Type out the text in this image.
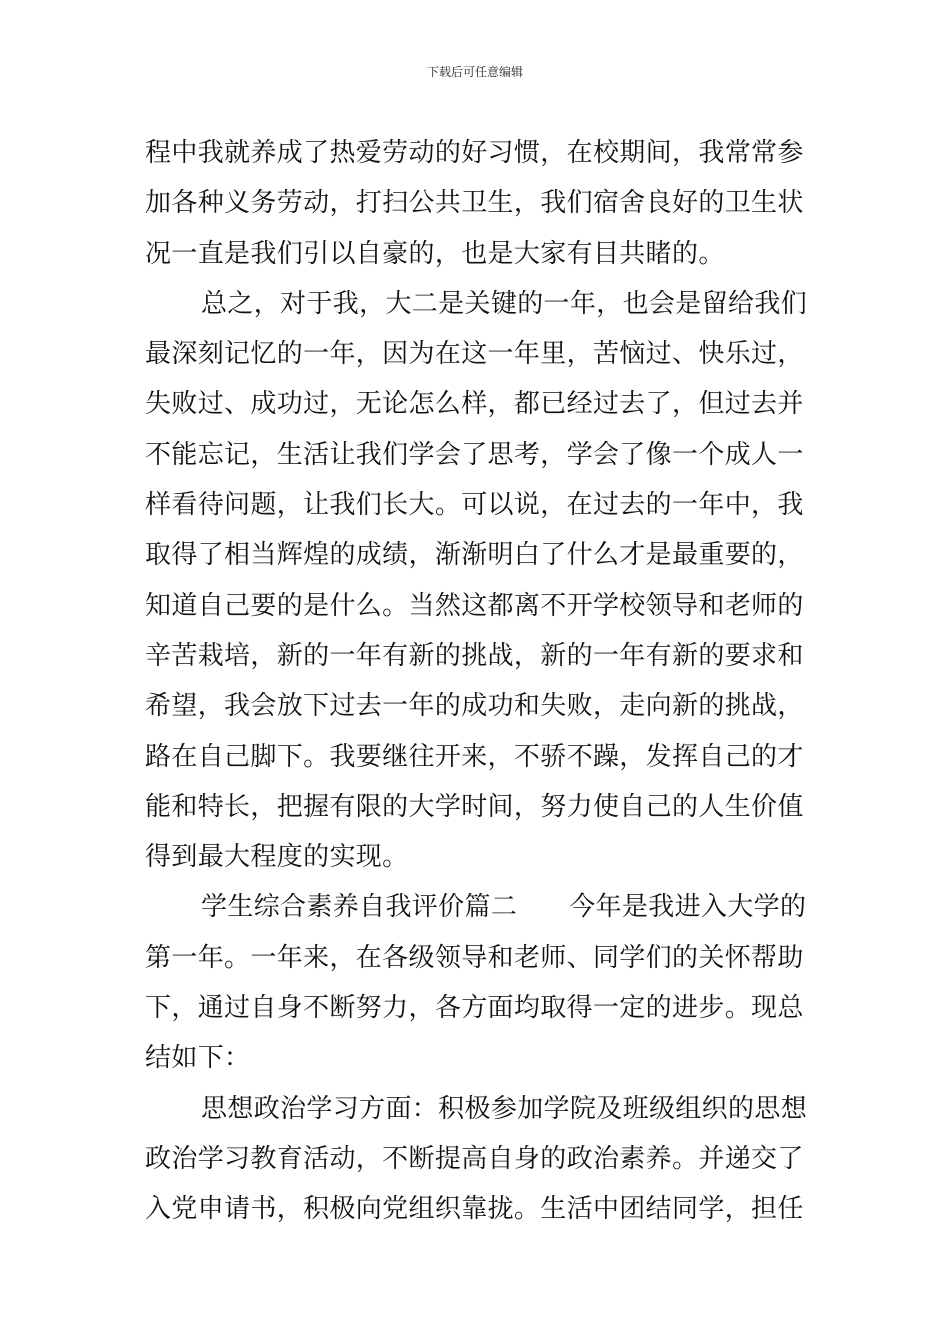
下载后可任意编辑
程中我就养成了热爱劳动的好习惯，在校期间，我常常参
加各种义务劳动，打扫公共卫生，我们宿舍良好的卫生状
况一直是我们引以自豪的，也是大家有目共睹的。
总之，对于我，大二是关键的一年，也会是留给我们
最深刻记忆的一年，因为在这一年里，苦恼过、快乐过，
失败过、成功过，无论怎么样，都已经过去了，但过去并
不能忘记，生活让我们学会了思考，学会了像一个成人一
样看待问题，让我们长大。可以说，在过去的一年中，我
取得了相当辉煌的成绩，渐渐明白了什么才是最重要的，
知道自己要的是什么。当然这都离不开学校领导和老师的
辛苦栽培，新的一年有新的挑战，新的一年有新的要求和
希望，我会放下过去一年的成功和失败，走向新的挑战，
路在自己脚下。我要继往开来，不骄不躁，发挥自己的才
能和特长，把握有限的大学时间，努力使自己的人生价值
得到最大程度的实现。
学生综合素养自我评价篇二 今年是我进入大学的
第一年。一年来，在各级领导和老师、同学们的关怀帮助
下，通过自身不断努力，各方面均取得一定的进步。现总
结如下：
思想政治学习方面：积极参加学院及班级组织的思想
政治学习教育活动，不断提高自身的政治素养。并递交了
入党申请书，积极向党组织靠拢。生活中团结同学，担任
